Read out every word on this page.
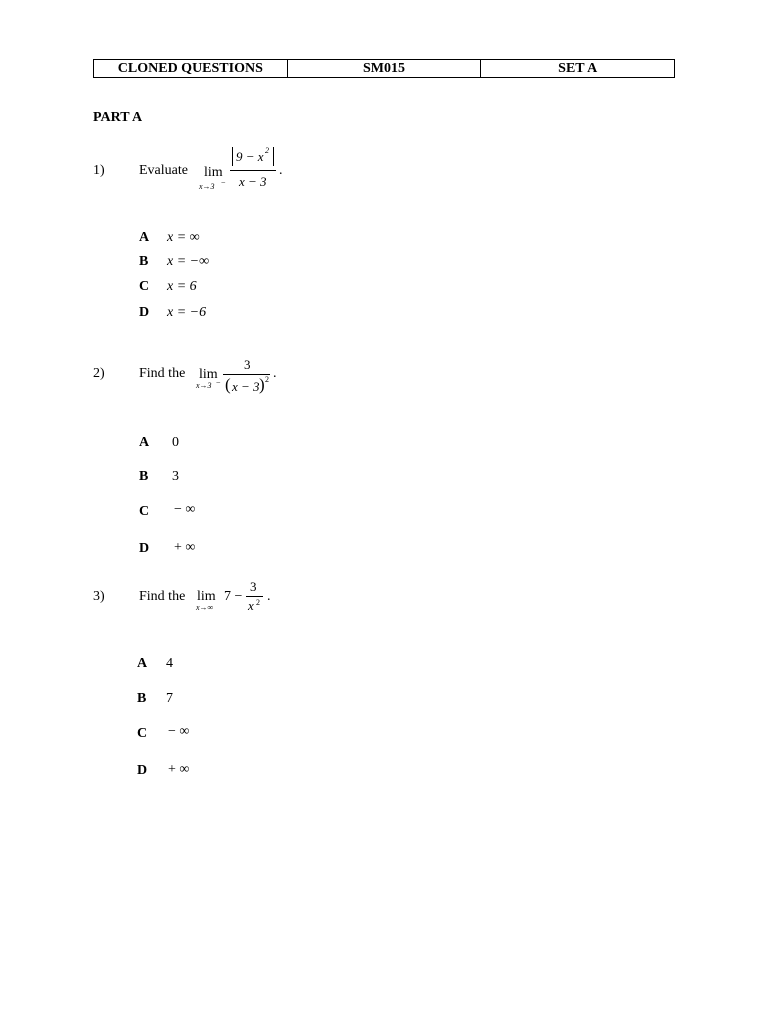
CLONED QUESTIONS	SM015	SET A
PART A
1) Evaluate lim
x→3 −
9 − x 2
x − 3
.
A x = ∞
B x = −∞
C x = 6
D x = −6
2) Find the lim
x→3 −
3
( x − 3 ) 2 .
A 0
B 3
C − ∞
D + ∞
3) Find the lim
x→∞
7 −
3
x 2 .
A 4
B 7
C − ∞
D + ∞
